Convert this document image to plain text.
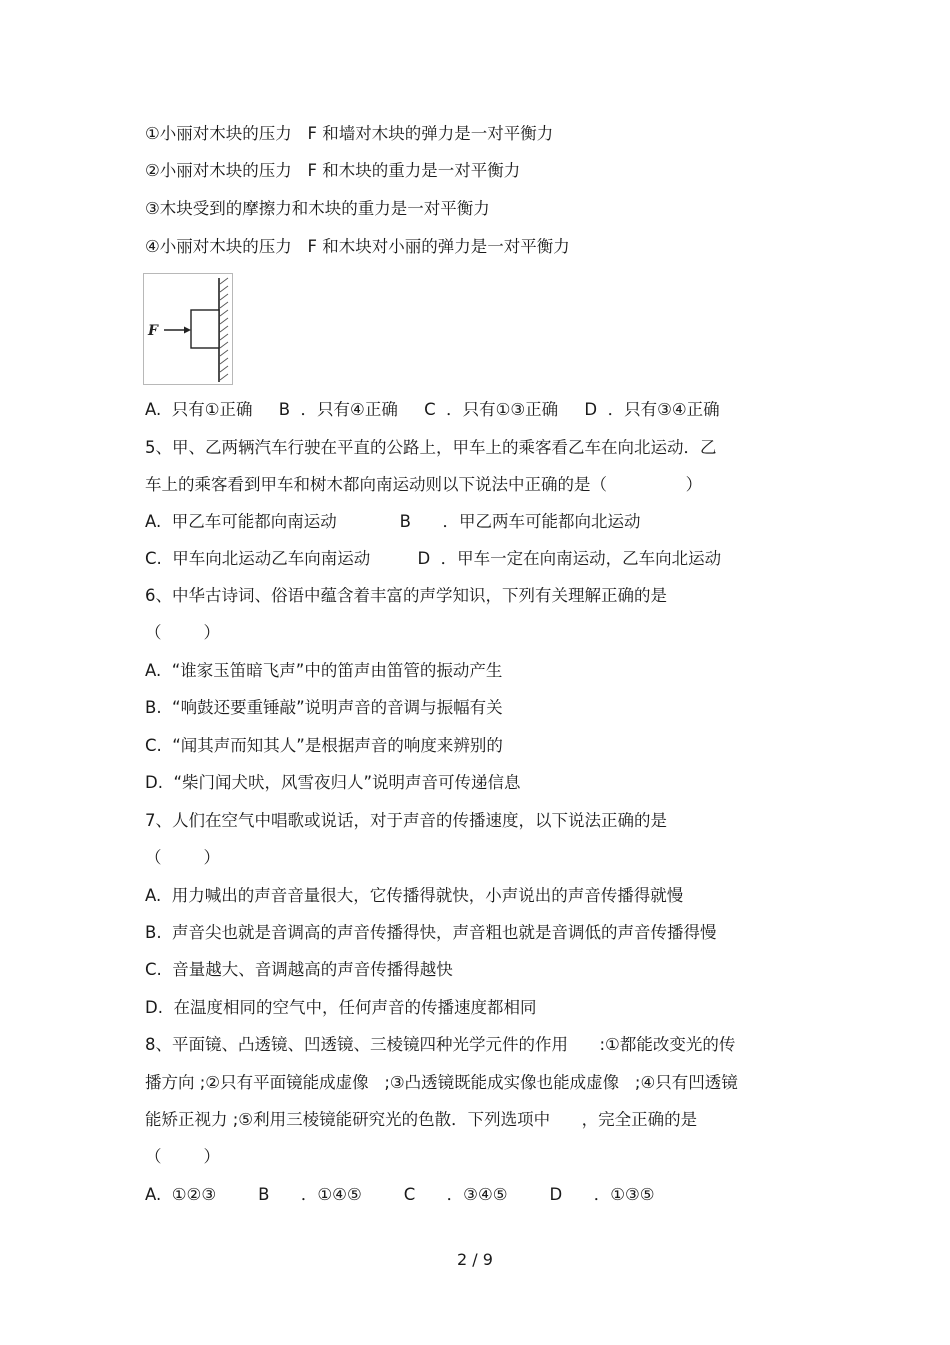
①小丽对木块的压力   F 和墙对木块的弹力是一对平衡力
②小丽对木块的压力   F 和木块的重力是一对平衡力
③木块受到的摩擦力和木块的重力是一对平衡力
④小丽对木块的压力   F 和木块对小丽的弹力是一对平衡力
F
A.  只有①正确     B  ．只有④正确     C  ．只有①③正确     D  ．只有③④正确
5、甲、乙两辆汽车行驶在平直的公路上，甲车上的乘客看乙车在向北运动．乙
车上的乘客看到甲车和树木都向南运动则以下说法中正确的是（               ）
A.  甲乙车可能都向南运动            B      ．甲乙两车可能都向北运动
C.  甲车向北运动乙车向南运动         D  ．甲车一定在向南运动，乙车向北运动
6、中华古诗词、俗语中蕴含着丰富的声学知识，下列有关理解正确的是
（        ）
A.  “谁家玉笛暗飞声”中的笛声由笛管的振动产生
B.  “响鼓还要重锤敲”说明声音的音调与振幅有关
C.  “闻其声而知其人”是根据声音的响度来辨别的
D.  “柴门闻犬吠，风雪夜归人”说明声音可传递信息
7、人们在空气中唱歌或说话，对于声音的传播速度，以下说法正确的是
（        ）
A.  用力喊出的声音音量很大，它传播得就快，小声说出的声音传播得就慢
B.  声音尖也就是音调高的声音传播得快，声音粗也就是音调低的声音传播得慢
C.  音量越大、音调越高的声音传播得越快
D.  在温度相同的空气中，任何声音的传播速度都相同
8、平面镜、凸透镜、凹透镜、三棱镜四种光学元件的作用      :①都能改变光的传
播方向 ;②只有平面镜能成虚像   ;③凸透镜既能成实像也能成虚像   ;④只有凹透镜
能矫正视力 ;⑤利用三棱镜能研究光的色散．下列选项中      ，完全正确的是
（        ）
A.  ①②③        B      ．①④⑤        C      ．③④⑤        D      ．①③⑤
2 / 9
